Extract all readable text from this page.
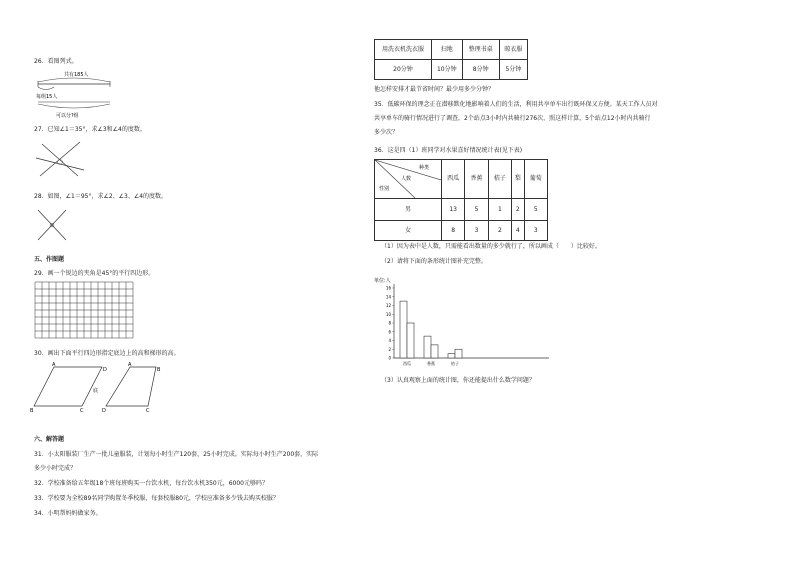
26．看图列式。
共有185人
每组15人
可以分?组
27．已知∠1＝35°，求∠3和∠4的度数。
28．如图，∠1＝95°，求∠2、∠3、∠4的度数。
五、作图题
29．画一个锐边的夹角是45°的平行四边形。
30．画出下面平行四边形指定底边上的高和梯形的高。
A
D
B	C
底
A
B
C
D
六、解答题
31．小太阳服装厂生产一批儿童服装，计划每小时生产120套，25小时完成。实际每小时生产200套，实际
多少小时完成？
32．学校准备给五年级18个班每班购买一台饮水机，每台饮水机350元，6000元够吗？
33．学校要为全校89名同学购置冬季校服，每套校服80元，学校应准备多少钱去购买校服？
34．小明帮妈妈做家务。
用洗衣机洗衣服	扫地	整理书桌	晾衣服
20分钟	10分钟	8分钟	5分钟
他怎样安排才最节省时间？最少用多少分钟？
35．低碳环保的理念正在潜移默化地影响着人们的生活，利用共享单车出行既环保又方便。某天工作人员对
共享单车的骑行情况进行了调查，2个站点3小时内共骑行276次，照这样计算，5个站点12小时内共骑行
多少次？
36．这是四（1）班同学对水果喜好情况统计表(见下表)
种类
人数
性别	西瓜	香蕉	桔子	梨	葡萄
男	13	5	1	2	5
女	8	3	2	4	3
（1）因为表中是人数，只需能看出数量的多少就行了，所以画成（　　）比较好。
（2）请将下面的条形统计图补充完整。
单位:人
0
2
4
6
8
10
12
14
16
西瓜	香蕉	桔子
（3）认真观察上面的统计图，你还能提出什么数学问题？
